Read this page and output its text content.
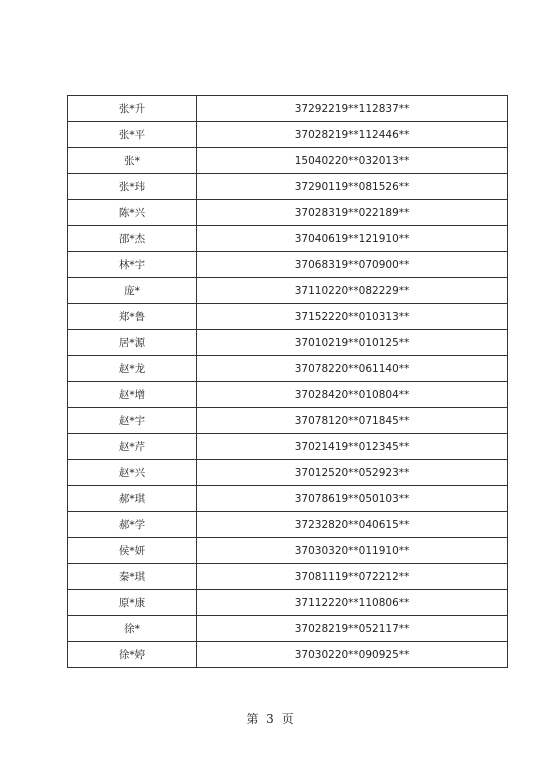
张*升	37292219**112837**
张*平	37028219**112446**
张*	15040220**032013**
张*玮	37290119**081526**
陈*兴	37028319**022189**
邵*杰	37040619**121910**
林*宇	37068319**070900**
庞*	37110220**082229**
郑*鲁	37152220**010313**
居*源	37010219**010125**
赵*龙	37078220**061140**
赵*增	37028420**010804**
赵*宇	37078120**071845**
赵*芹	37021419**012345**
赵*兴	37012520**052923**
郝*琪	37078619**050103**
郝*学	37232820**040615**
侯*妍	37030320**011910**
秦*琪	37081119**072212**
原*康	37112220**110806**
徐*	37028219**052117**
徐*婷	37030220**090925**
第 3 页
